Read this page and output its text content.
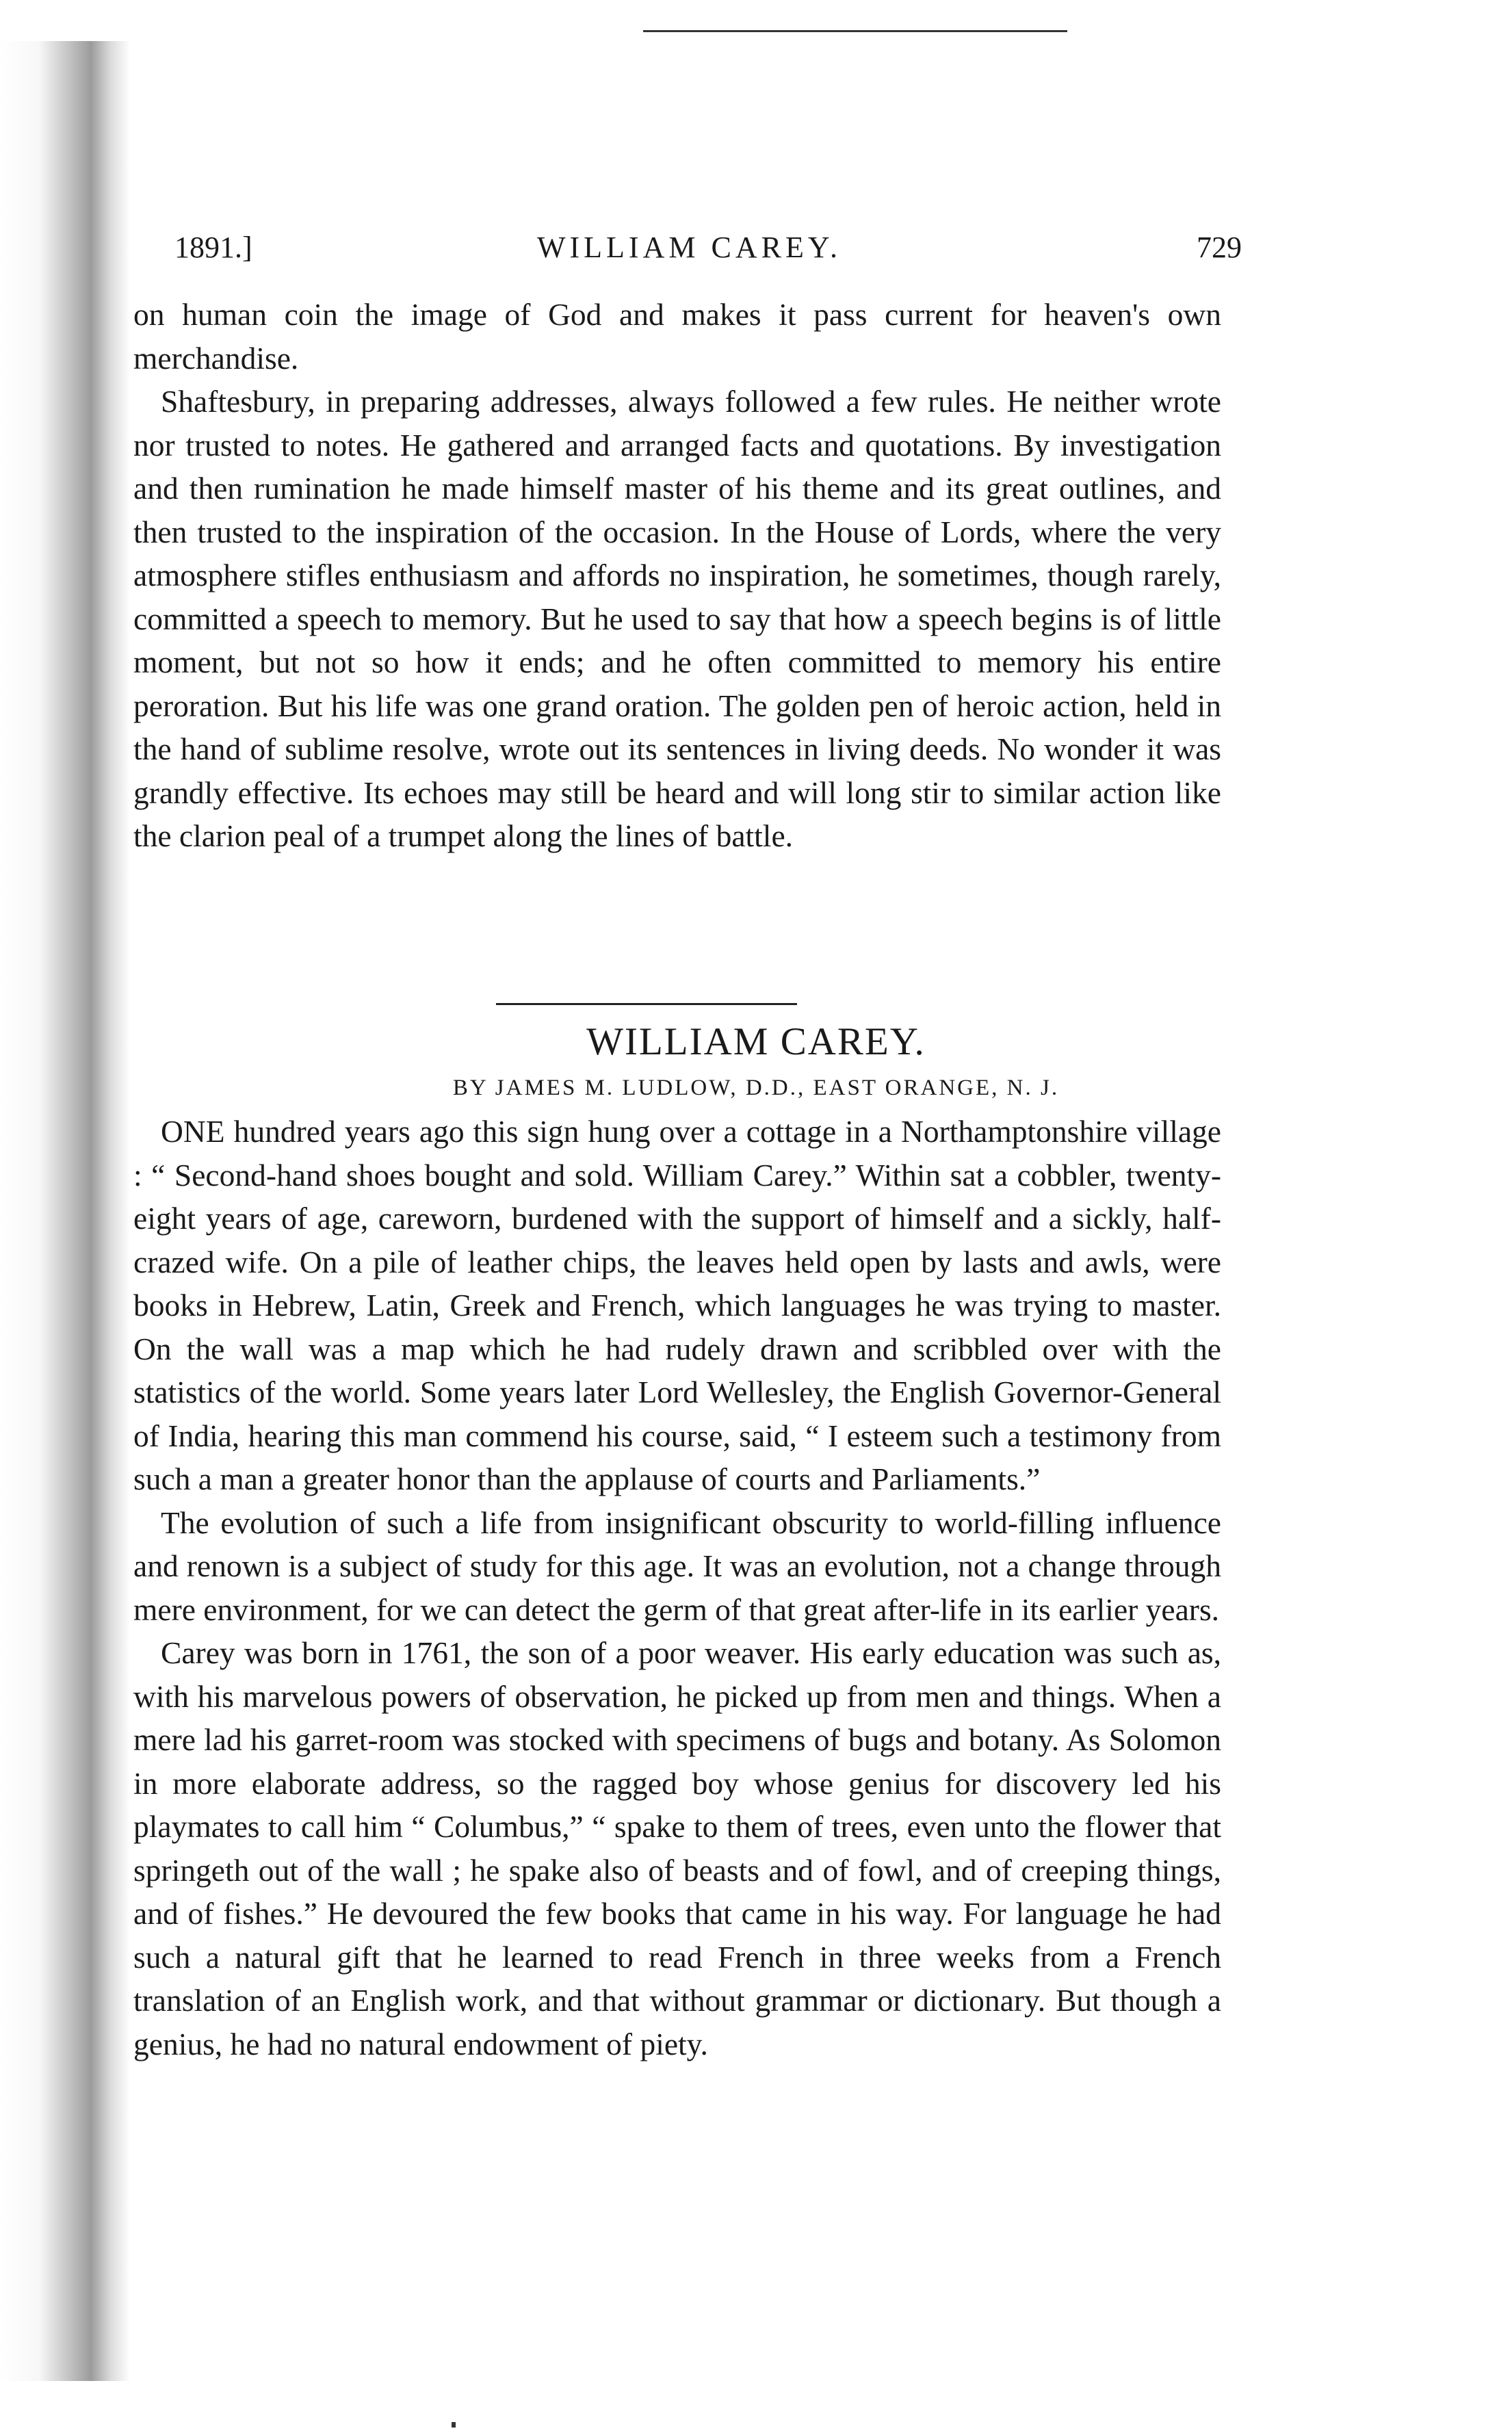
1891.]	WILLIAM CAREY.	729

on human coin the image of God and makes it pass current for heaven's own merchandise.

Shaftesbury, in preparing addresses, always followed a few rules. He neither wrote nor trusted to notes. He gathered and arranged facts and quotations. By investigation and then rumination he made himself master of his theme and its great outlines, and then trusted to the inspiration of the occasion. In the House of Lords, where the very atmosphere stifles enthusiasm and affords no inspiration, he sometimes, though rarely, committed a speech to memory. But he used to say that how a speech begins is of little moment, but not so how it ends; and he often committed to memory his entire peroration. But his life was one grand oration. The golden pen of heroic action, held in the hand of sublime resolve, wrote out its sentences in living deeds. No wonder it was grandly effective. Its echoes may still be heard and will long stir to similar action like the clarion peal of a trumpet along the lines of battle.

WILLIAM CAREY.
BY JAMES M. LUDLOW, D.D., EAST ORANGE, N. J.

ONE hundred years ago this sign hung over a cottage in a Northamptonshire village : “ Second-hand shoes bought and sold. William Carey.” Within sat a cobbler, twenty-eight years of age, careworn, burdened with the support of himself and a sickly, half-crazed wife. On a pile of leather chips, the leaves held open by lasts and awls, were books in Hebrew, Latin, Greek and French, which languages he was trying to master. On the wall was a map which he had rudely drawn and scribbled over with the statistics of the world. Some years later Lord Wellesley, the English Governor-General of India, hearing this man commend his course, said, “ I esteem such a testimony from such a man a greater honor than the applause of courts and Parliaments.”

The evolution of such a life from insignificant obscurity to world-filling influence and renown is a subject of study for this age. It was an evolution, not a change through mere environment, for we can detect the germ of that great after-life in its earlier years.

Carey was born in 1761, the son of a poor weaver. His early education was such as, with his marvelous powers of observation, he picked up from men and things. When a mere lad his garret-room was stocked with specimens of bugs and botany. As Solomon in more elaborate address, so the ragged boy whose genius for discovery led his playmates to call him “ Columbus,” “ spake to them of trees, even unto the flower that springeth out of the wall ; he spake also of beasts and of fowl, and of creeping things, and of fishes.” He devoured the few books that came in his way. For language he had such a natural gift that he learned to read French in three weeks from a French translation of an English work, and that without grammar or dictionary. But though a genius, he had no natural endowment of piety.
